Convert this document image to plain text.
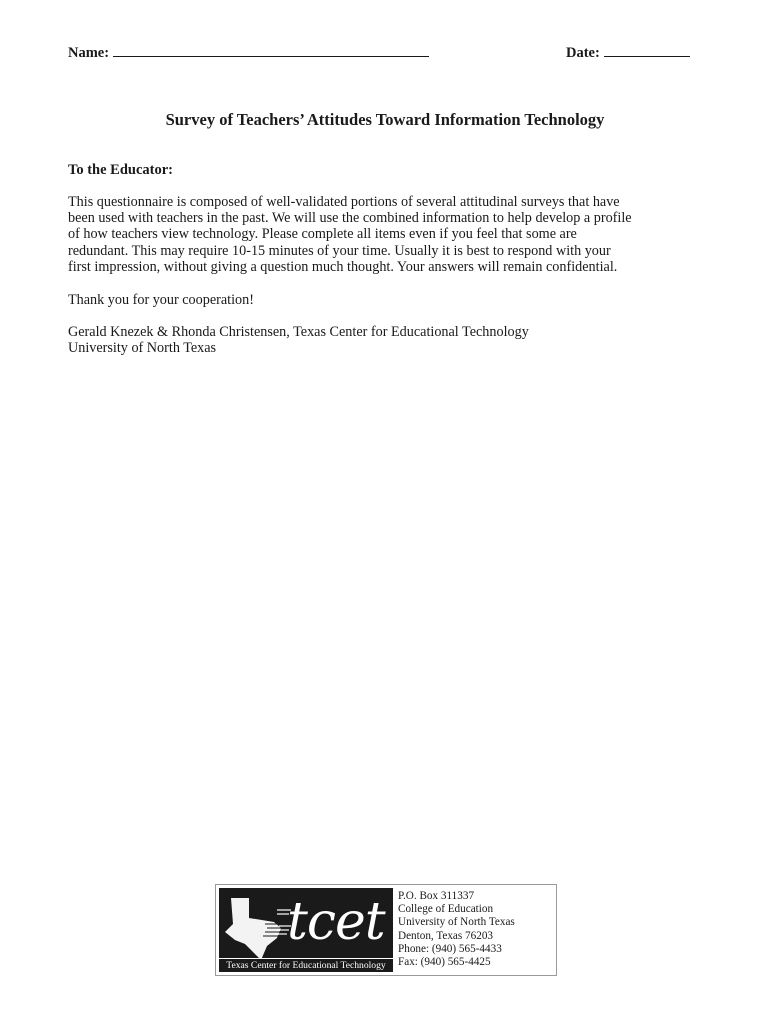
Name:	Date:
Survey of Teachers’ Attitudes Toward Information Technology
To the Educator:
This questionnaire is composed of well-validated portions of several attitudinal surveys that have
been used with teachers in the past. We will use the combined information to help develop a profile
of how teachers view technology. Please complete all items even if you feel that some are
redundant. This may require 10-15 minutes of your time. Usually it is best to respond with your
first impression, without giving a question much thought. Your answers will remain confidential.
Thank you for your cooperation!
Gerald Knezek & Rhonda Christensen, Texas Center for Educational Technology
University of North Texas
tcet
Texas Center for Educational Technology
P.O. Box 311337
College of Education
University of North Texas
Denton, Texas 76203
Phone: (940) 565-4433
Fax: (940) 565-4425
